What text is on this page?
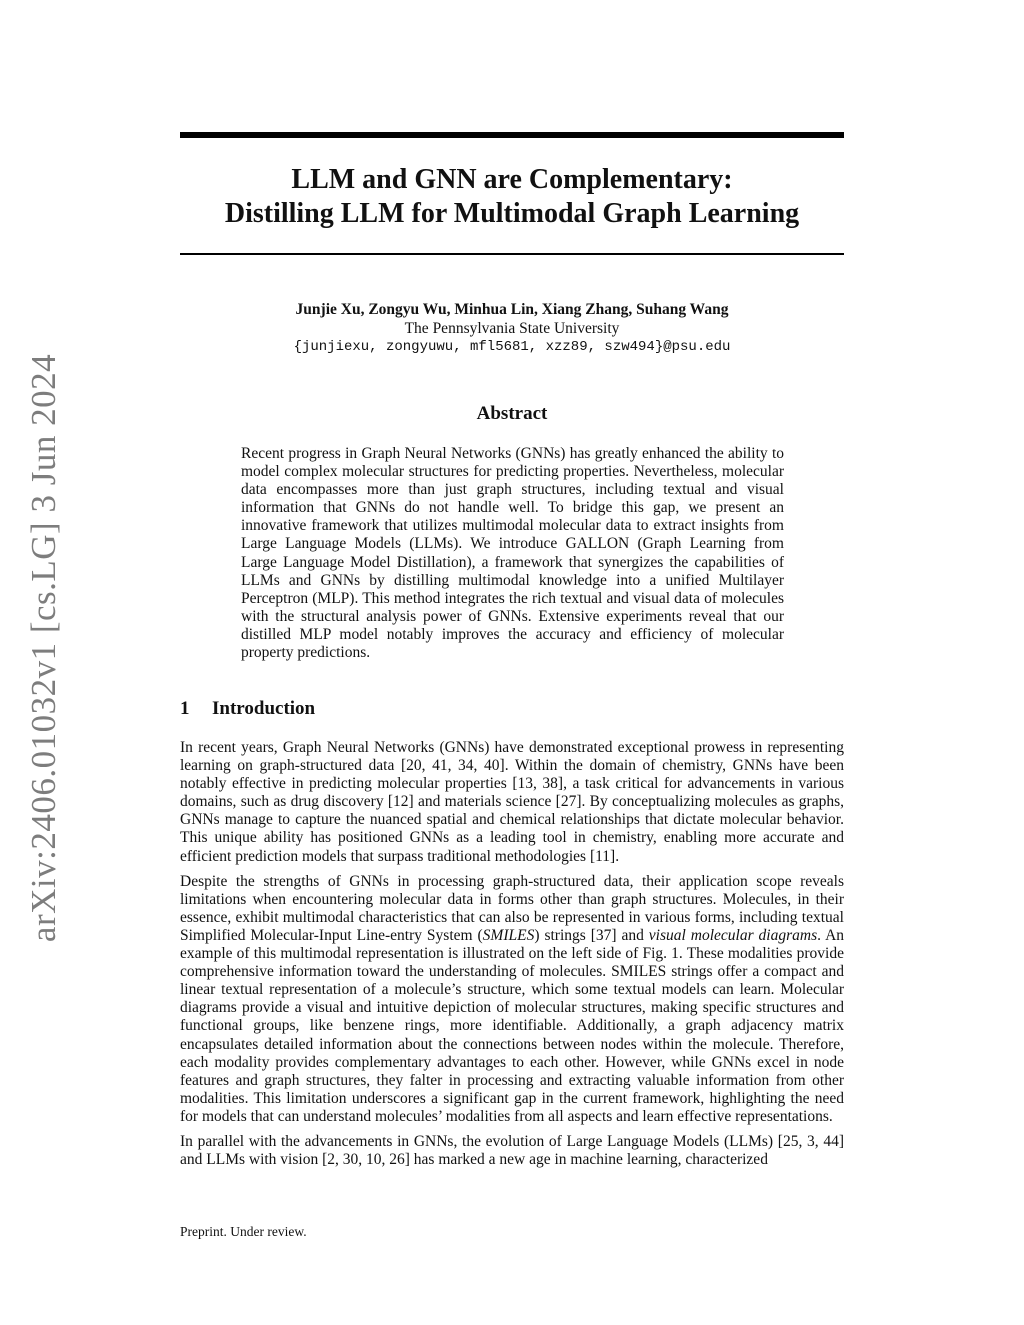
arXiv:2406.01032v1 [cs.LG] 3 Jun 2024
LLM and GNN are Complementary:
Distilling LLM for Multimodal Graph Learning
Junjie Xu, Zongyu Wu, Minhua Lin, Xiang Zhang, Suhang Wang
The Pennsylvania State University
{junjiexu, zongyuwu, mfl5681, xzz89, szw494}@psu.edu
Abstract
Recent progress in Graph Neural Networks (GNNs) has greatly enhanced the ability to model complex molecular structures for predicting properties. Nevertheless, molecular data encompasses more than just graph structures, including textual and visual information that GNNs do not handle well. To bridge this gap, we present an innovative framework that utilizes multimodal molecular data to extract insights from Large Language Models (LLMs). We introduce GALLON (Graph Learning from Large Language Model Distillation), a framework that synergizes the capabilities of LLMs and GNNs by distilling multimodal knowledge into a unified Multilayer Perceptron (MLP). This method integrates the rich textual and visual data of molecules with the structural analysis power of GNNs. Extensive experiments reveal that our distilled MLP model notably improves the accuracy and efficiency of molecular property predictions.
1 Introduction

In recent years, Graph Neural Networks (GNNs) have demonstrated exceptional prowess in representing learning on graph-structured data [20, 41, 34, 40]. Within the domain of chemistry, GNNs have been notably effective in predicting molecular properties [13, 38], a task critical for advancements in various domains, such as drug discovery [12] and materials science [27]. By conceptualizing molecules as graphs, GNNs manage to capture the nuanced spatial and chemical relationships that dictate molecular behavior. This unique ability has positioned GNNs as a leading tool in chemistry, enabling more accurate and efficient prediction models that surpass traditional methodologies [11].

Despite the strengths of GNNs in processing graph-structured data, their application scope reveals limitations when encountering molecular data in forms other than graph structures. Molecules, in their essence, exhibit multimodal characteristics that can also be represented in various forms, including textual Simplified Molecular-Input Line-entry System (SMILES) strings [37] and visual molecular diagrams. An example of this multimodal representation is illustrated on the left side of Fig. 1. These modalities provide comprehensive information toward the understanding of molecules. SMILES strings offer a compact and linear textual representation of a molecule’s structure, which some textual models can learn. Molecular diagrams provide a visual and intuitive depiction of molecular structures, making specific structures and functional groups, like benzene rings, more identifiable. Additionally, a graph adjacency matrix encapsulates detailed information about the connections between nodes within the molecule. Therefore, each modality provides complementary advantages to each other. However, while GNNs excel in node features and graph structures, they falter in processing and extracting valuable information from other modalities. This limitation underscores a significant gap in the current framework, highlighting the need for models that can understand molecules’ modalities from all aspects and learn effective representations.

In parallel with the advancements in GNNs, the evolution of Large Language Models (LLMs) [25, 3, 44] and LLMs with vision [2, 30, 10, 26] has marked a new age in machine learning, characterized

Preprint. Under review.
